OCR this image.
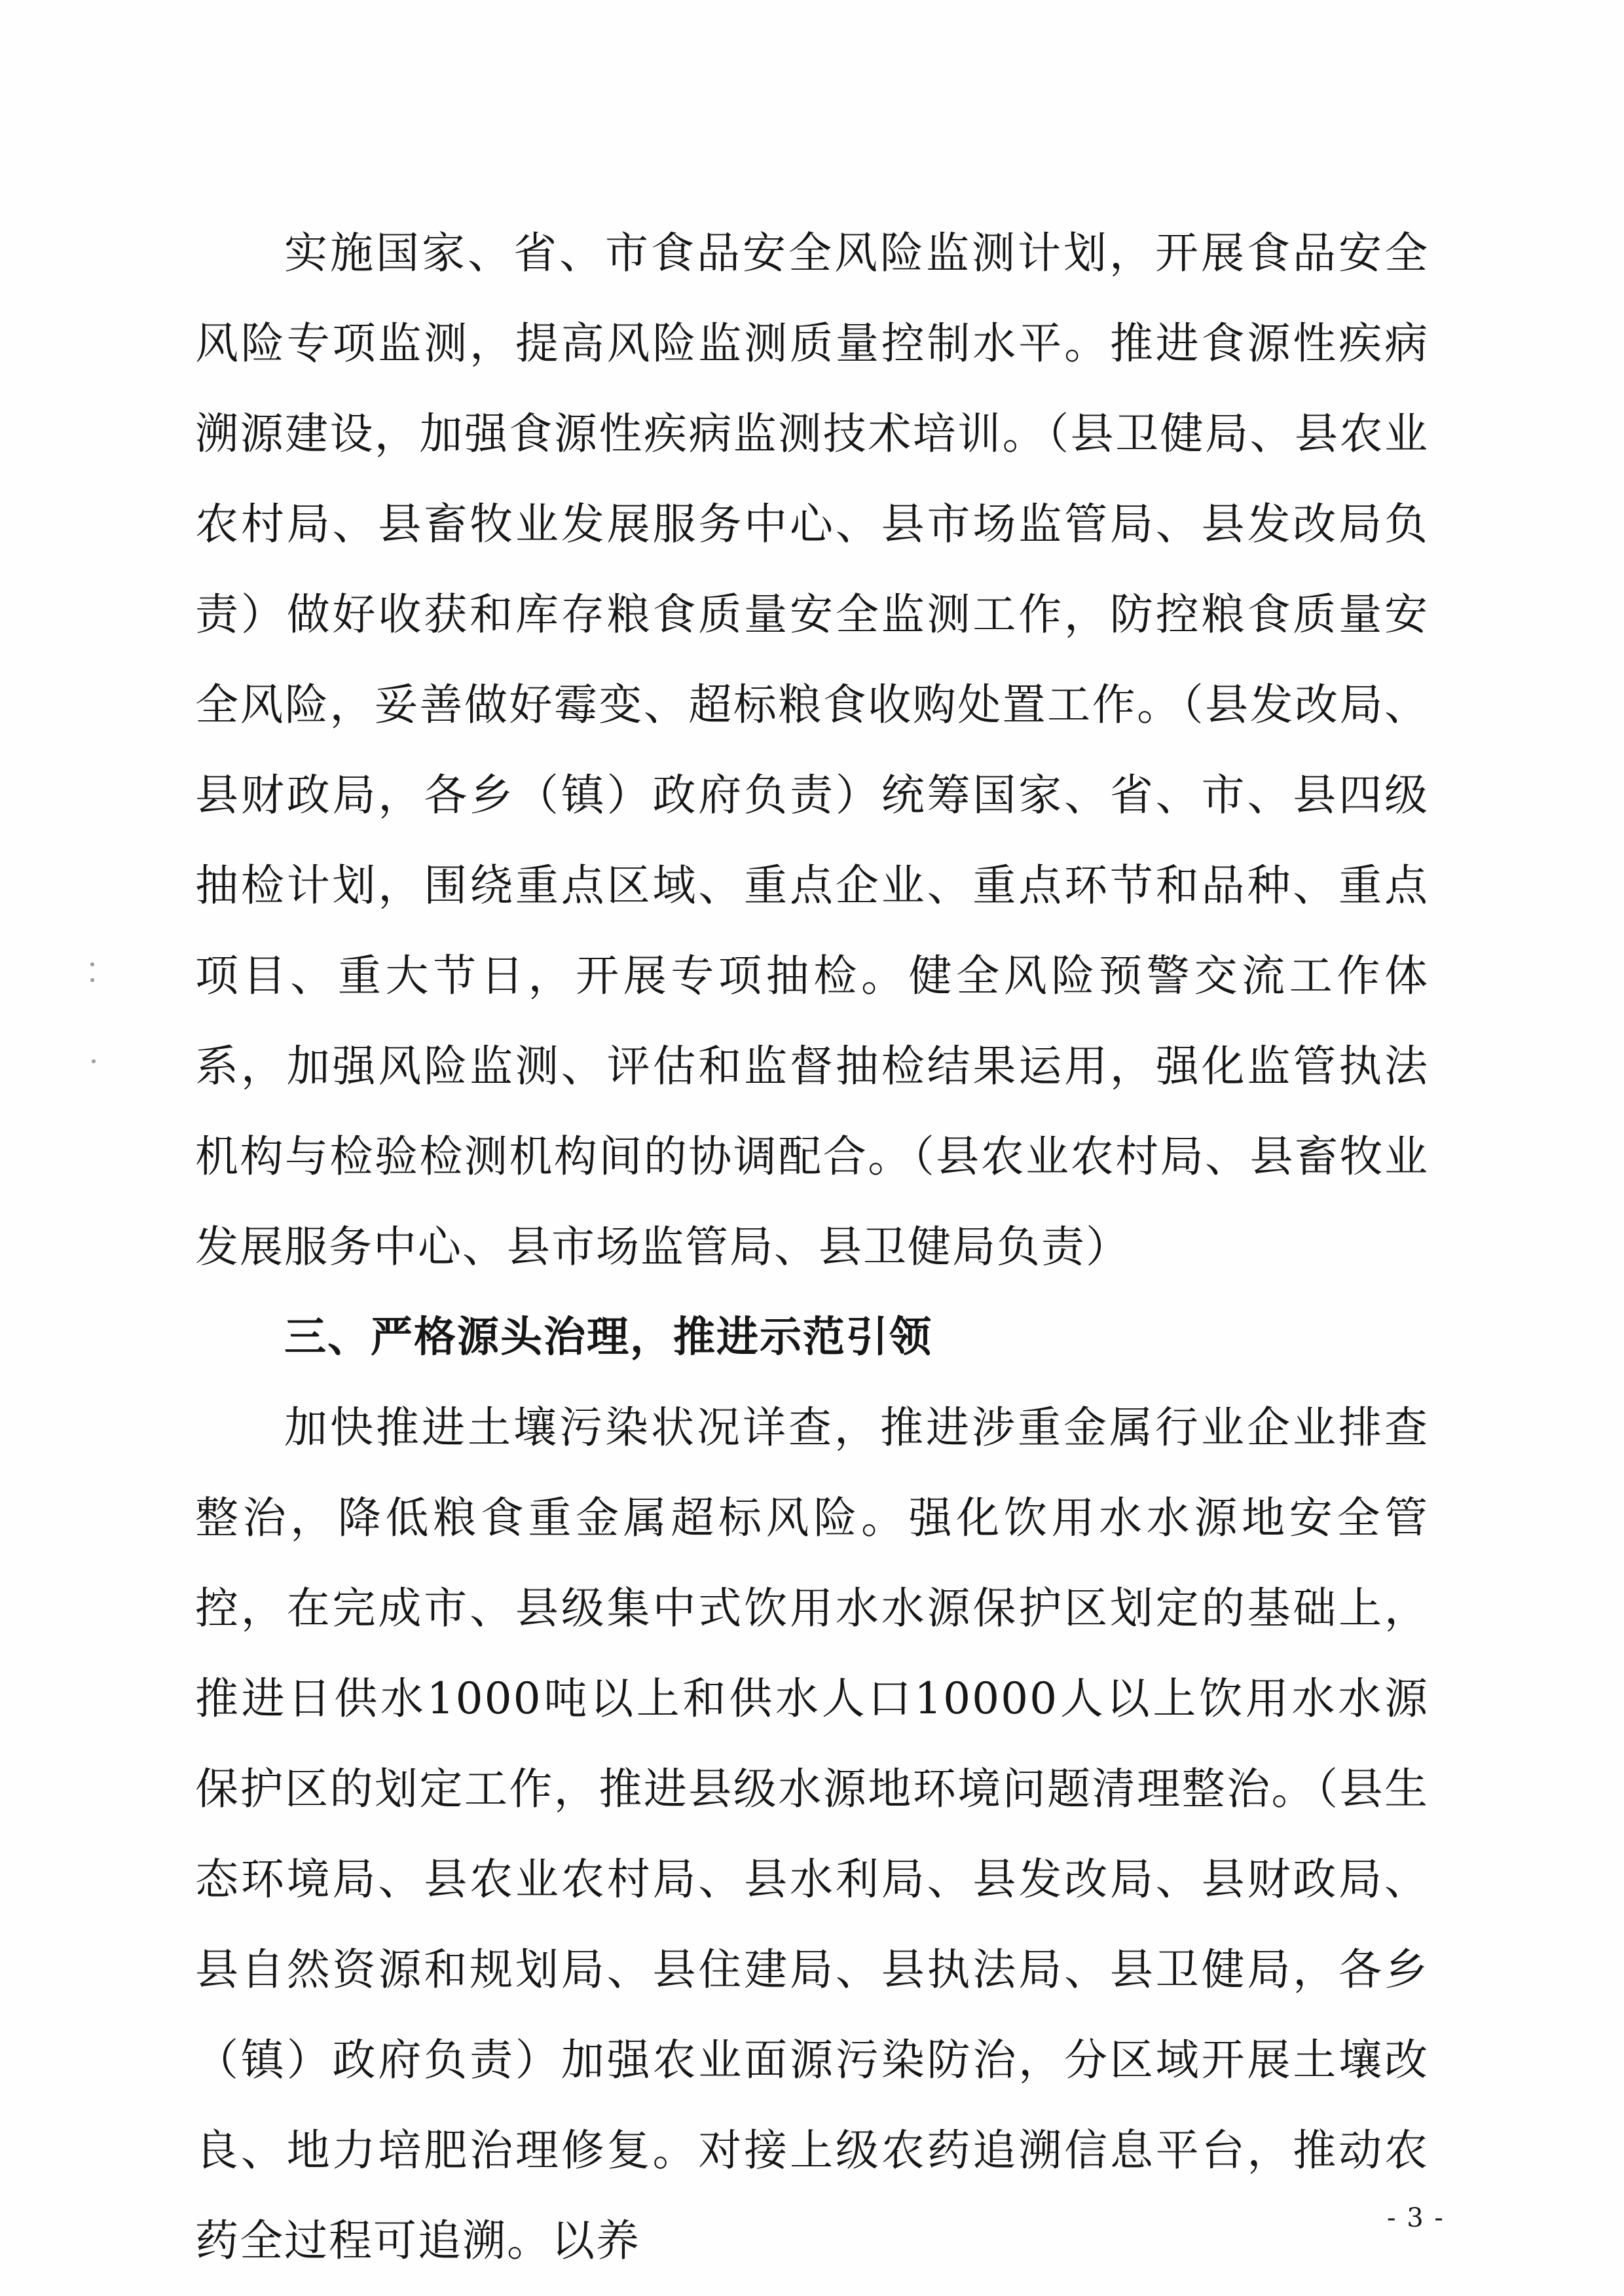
实施国家、省、市食品安全风险监测计划，开展食品安全风险专项监测，提高风险监测质量控制水平。推进食源性疾病溯源建设，加强食源性疾病监测技术培训。（县卫健局、县农业农村局、县畜牧业发展服务中心、县市场监管局、县发改局负责）做好收获和库存粮食质量安全监测工作，防控粮食质量安全风险，妥善做好霉变、超标粮食收购处置工作。（县发改局、县财政局，各乡（镇）政府负责）统筹国家、省、市、县四级抽检计划，围绕重点区域、重点企业、重点环节和品种、重点项目、重大节日，开展专项抽检。健全风险预警交流工作体系，加强风险监测、评估和监督抽检结果运用，强化监管执法机构与检验检测机构间的协调配合。（县农业农村局、县畜牧业发展服务中心、县市场监管局、县卫健局负责）

三、严格源头治理，推进示范引领

加快推进土壤污染状况详查，推进涉重金属行业企业排查整治，降低粮食重金属超标风险。强化饮用水水源地安全管控，在完成市、县级集中式饮用水水源保护区划定的基础上，推进日供水1000吨以上和供水人口10000人以上饮用水水源保护区的划定工作，推进县级水源地环境问题清理整治。（县生态环境局、县农业农村局、县水利局、县发改局、县财政局、县自然资源和规划局、县住建局、县执法局、县卫健局，各乡（镇）政府负责）加强农业面源污染防治，分区域开展土壤改良、地力培肥治理修复。对接上级农药追溯信息平台，推动农药全过程可追溯。以养	- 3 -
